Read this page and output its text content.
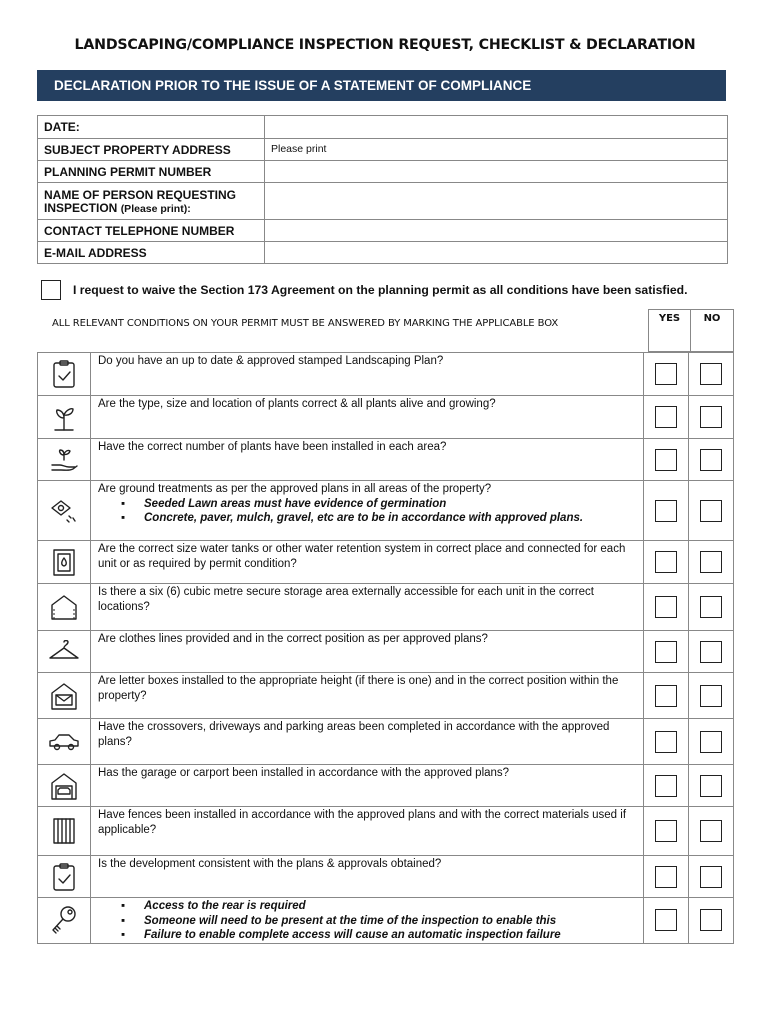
LANDSCAPING/COMPLIANCE INSPECTION REQUEST, CHECKLIST & DECLARATION
DECLARATION PRIOR TO THE ISSUE OF A STATEMENT OF COMPLIANCE
DATE:	
SUBJECT PROPERTY ADDRESS	Please print
PLANNING PERMIT NUMBER	

NAME OF PERSON REQUESTING
INSPECTION (Please print):	

CONTACT TELEPHONE NUMBER	
E-MAIL ADDRESS	
I request to waive the Section 173 Agreement on the planning permit as all conditions have been satisfied.
ALL RELEVANT CONDITIONS ON YOUR PERMIT MUST BE ANSWERED BY MARKING THE APPLICABLE BOX	YES	NO

Do you have an up to date & approved stamped Landscaping Plan?		

Are the type, size and location of plants correct & all plants alive and growing?		

Have the correct number of plants have been installed in each area?		

Are ground treatments as per the approved plans in all areas of the property?
▪ Seeded Lawn areas must have evidence of germination
▪ Concrete, paver, mulch, gravel, etc are to be in accordance with approved plans.

Are the correct size water tanks or other water retention system in correct place and connected for each unit or as required by permit condition?		

Is there a six (6) cubic metre secure storage area externally accessible for each unit in the correct locations?		

Are clothes lines provided and in the correct position as per approved plans?		

Are letter boxes installed to the appropriate height (if there is one) and in the correct position within the property?		

Have the crossovers, driveways and parking areas been completed in accordance with the approved plans?		

Has the garage or carport been installed in accordance with the approved plans?		

Have fences been installed in accordance with the approved plans and with the correct materials used if applicable?		

Is the development consistent with the plans & approvals obtained?		

▪ Access to the rear is required
▪ Someone will need to be present at the time of the inspection to enable this
▪ Failure to enable complete access will cause an automatic inspection failure
